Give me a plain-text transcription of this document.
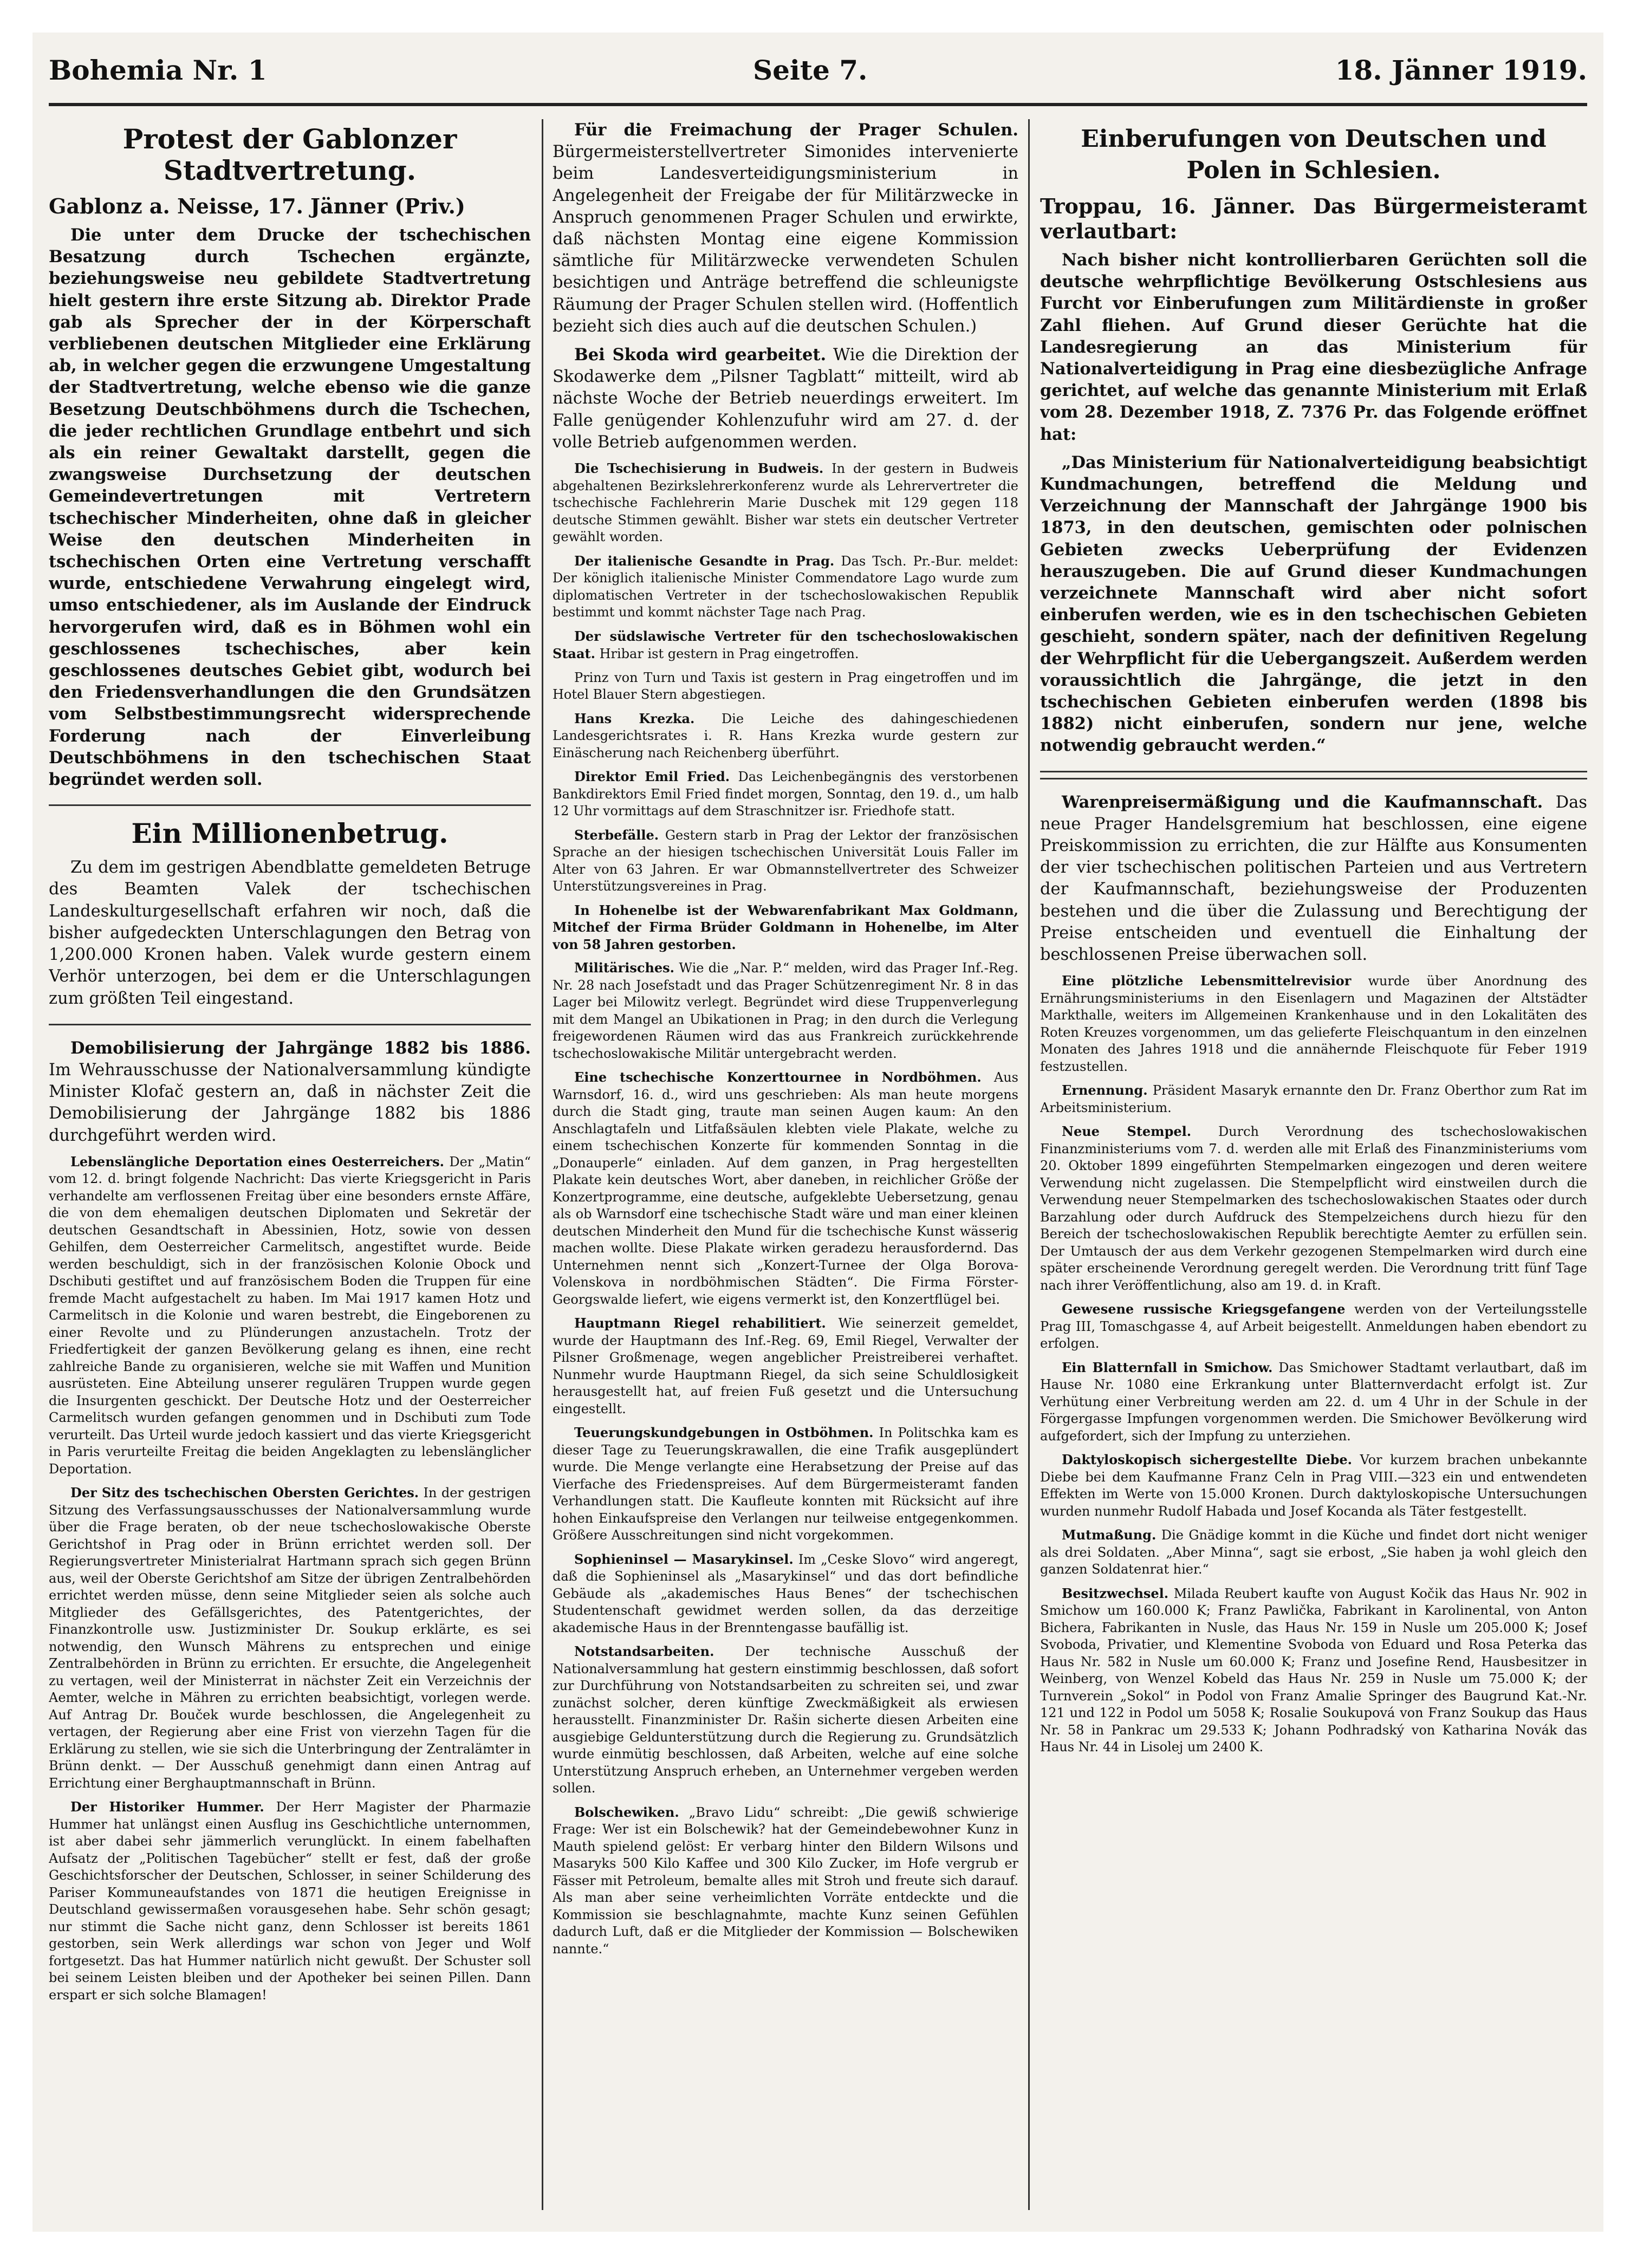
Bohemia Nr. 1	Seite 7.	18. Jänner 1919.
Protest der Gablonzer Stadtvertretung.
Gablonz a. Neisse, 17. Jänner (Priv.)

Die unter dem Drucke der tschechischen Besatzung durch Tschechen ergänzte, beziehungsweise neu gebildete Stadtvertretung hielt gestern ihre erste Sitzung ab. Direktor Prade gab als Sprecher der in der Körperschaft verbliebenen deutschen Mitglieder eine Erklärung ab, in welcher gegen die erzwungene Umgestaltung der Stadtvertretung, welche ebenso wie die ganze Besetzung Deutschböhmens durch die Tschechen, die jeder rechtlichen Grundlage entbehrt und sich als ein reiner Gewaltakt darstellt, gegen die zwangsweise Durchsetzung der deutschen Gemeindevertretungen mit Vertretern tschechischer Minderheiten, ohne daß in gleicher Weise den deutschen Minderheiten in tschechischen Orten eine Vertretung verschafft wurde, entschiedene Verwahrung eingelegt wird, umso entschiedener, als im Auslande der Eindruck hervorgerufen wird, daß es in Böhmen wohl ein geschlossenes tschechisches, aber kein geschlossenes deutsches Gebiet gibt, wodurch bei den Friedensverhandlungen die den Grundsätzen vom Selbstbestimmungsrecht widersprechende Forderung nach der Einverleibung Deutschböhmens in den tschechischen Staat begründet werden soll.

Ein Millionenbetrug.

Zu dem im gestrigen Abendblatte gemeldeten Betruge des Beamten Valek der tschechischen Landeskulturgesellschaft erfahren wir noch, daß die bisher aufgedeckten Unterschlagungen den Betrag von 1,200.000 Kronen haben. Valek wurde gestern einem Verhör unterzogen, bei dem er die Unterschlagungen zum größten Teil eingestand.

Demobilisierung der Jahrgänge 1882 bis 1886. Im Wehrausschusse der Nationalversammlung kündigte Minister Klofač gestern an, daß in nächster Zeit die Demobilisierung der Jahrgänge 1882 bis 1886 durchgeführt werden wird.

Lebenslängliche Deportation eines Oesterreichers. Der „Matin“ vom 12. d. bringt folgende Nachricht: Das vierte Kriegsgericht in Paris verhandelte am verflossenen Freitag über eine besonders ernste Affäre, die von dem ehemaligen deutschen Diplomaten und Sekretär der deutschen Gesandtschaft in Abessinien, Hotz, sowie von dessen Gehilfen, dem Oesterreicher Carmelitsch, angestiftet wurde. Beide werden beschuldigt, sich in der französischen Kolonie Obock und Dschibuti gestiftet und auf französischem Boden die Truppen für eine fremde Macht aufgestachelt zu haben. Im Mai 1917 kamen Hotz und Carmelitsch in die Kolonie und waren bestrebt, die Eingeborenen zu einer Revolte und zu Plünderungen anzustacheln. Trotz der Friedfertigkeit der ganzen Bevölkerung gelang es ihnen, eine recht zahlreiche Bande zu organisieren, welche sie mit Waffen und Munition ausrüsteten. Eine Abteilung unserer regulären Truppen wurde gegen die Insurgenten geschickt. Der Deutsche Hotz und der Oesterreicher Carmelitsch wurden gefangen genommen und in Dschibuti zum Tode verurteilt. Das Urteil wurde jedoch kassiert und das vierte Kriegsgericht in Paris verurteilte Freitag die beiden Angeklagten zu lebenslänglicher Deportation.

Der Sitz des tschechischen Obersten Gerichtes. In der gestrigen Sitzung des Verfassungsausschusses der Nationalversammlung wurde über die Frage beraten, ob der neue tschechoslowakische Oberste Gerichtshof in Prag oder in Brünn errichtet werden soll. Der Regierungsvertreter Ministerialrat Hartmann sprach sich gegen Brünn aus, weil der Oberste Gerichtshof am Sitze der übrigen Zentralbehörden errichtet werden müsse, denn seine Mitglieder seien als solche auch Mitglieder des Gefällsgerichtes, des Patentgerichtes, der Finanzkontrolle usw. Justizminister Dr. Soukup erklärte, es sei notwendig, den Wunsch Mährens zu entsprechen und einige Zentralbehörden in Brünn zu errichten. Er ersuchte, die Angelegenheit zu vertagen, weil der Ministerrat in nächster Zeit ein Verzeichnis der Aemter, welche in Mähren zu errichten beabsichtigt, vorlegen werde. Auf Antrag Dr. Bouček wurde beschlossen, die Angelegenheit zu vertagen, der Regierung aber eine Frist von vierzehn Tagen für die Erklärung zu stellen, wie sie sich die Unterbringung der Zentralämter in Brünn denkt. — Der Ausschuß genehmigt dann einen Antrag auf Errichtung einer Berghauptmannschaft in Brünn.

Der Historiker Hummer. Der Herr Magister der Pharmazie Hummer hat unlängst einen Ausflug ins Geschichtliche unternommen, ist aber dabei sehr jämmerlich verunglückt. In einem fabelhaften Aufsatz der „Politischen Tagebücher“ stellt er fest, daß der große Geschichtsforscher der Deutschen, Schlosser, in seiner Schilderung des Pariser Kommuneaufstandes von 1871 die heutigen Ereignisse in Deutschland gewissermaßen vorausgesehen habe. Sehr schön gesagt; nur stimmt die Sache nicht ganz, denn Schlosser ist bereits 1861 gestorben, sein Werk allerdings war schon von Jeger und Wolf fortgesetzt. Das hat Hummer natürlich nicht gewußt. Der Schuster soll bei seinem Leisten bleiben und der Apotheker bei seinen Pillen. Dann erspart er sich solche Blamagen!

Für die Freimachung der Prager Schulen. Bürgermeisterstellvertreter Simonides intervenierte beim Landesverteidigungsministerium in Angelegenheit der Freigabe der für Militärzwecke in Anspruch genommenen Prager Schulen und erwirkte, daß nächsten Montag eine eigene Kommission sämtliche für Militärzwecke verwendeten Schulen besichtigen und Anträge betreffend die schleunigste Räumung der Prager Schulen stellen wird. (Hoffentlich bezieht sich dies auch auf die deutschen Schulen.)

Bei Skoda wird gearbeitet. Wie die Direktion der Skodawerke dem „Pilsner Tagblatt“ mitteilt, wird ab nächste Woche der Betrieb neuerdings erweitert. Im Falle genügender Kohlenzufuhr wird am 27. d. der volle Betrieb aufgenommen werden.

Die Tschechisierung in Budweis. In der gestern in Budweis abgehaltenen Bezirkslehrerkonferenz wurde als Lehrervertreter die tschechische Fachlehrerin Marie Duschek mit 129 gegen 118 deutsche Stimmen gewählt. Bisher war stets ein deutscher Vertreter gewählt worden.

Der italienische Gesandte in Prag. Das Tsch. Pr.-Bur. meldet: Der königlich italienische Minister Commendatore Lago wurde zum diplomatischen Vertreter in der tschechoslowakischen Republik bestimmt und kommt nächster Tage nach Prag.

Der südslawische Vertreter für den tschechoslowakischen Staat. Hribar ist gestern in Prag eingetroffen.

Prinz von Turn und Taxis ist gestern in Prag eingetroffen und im Hotel Blauer Stern abgestiegen.

Hans Krezka. Die Leiche des dahingeschiedenen Landesgerichtsrates i. R. Hans Krezka wurde gestern zur Einäscherung nach Reichenberg überführt.

Direktor Emil Fried. Das Leichenbegängnis des verstorbenen Bankdirektors Emil Fried findet morgen, Sonntag, den 19. d., um halb 12 Uhr vormittags auf dem Straschnitzer isr. Friedhofe statt.

Sterbefälle. Gestern starb in Prag der Lektor der französischen Sprache an der hiesigen tschechischen Universität Louis Faller im Alter von 63 Jahren. Er war Obmannstellvertreter des Schweizer Unterstützungsvereines in Prag.

In Hohenelbe ist der Webwarenfabrikant Max Goldmann, Mitchef der Firma Brüder Goldmann in Hohenelbe, im Alter von 58 Jahren gestorben.

Militärisches. Wie die „Nar. P.“ melden, wird das Prager Inf.-Reg. Nr. 28 nach Josefstadt und das Prager Schützenregiment Nr. 8 in das Lager bei Milowitz verlegt. Begründet wird diese Truppenverlegung mit dem Mangel an Ubikationen in Prag; in den durch die Verlegung freigewordenen Räumen wird das aus Frankreich zurückkehrende tschechoslowakische Militär untergebracht werden.

Eine tschechische Konzerttournee in Nordböhmen. Aus Warnsdorf, 16. d., wird uns geschrieben: Als man heute morgens durch die Stadt ging, traute man seinen Augen kaum: An den Anschlagtafeln und Litfaßsäulen klebten viele Plakate, welche zu einem tschechischen Konzerte für kommenden Sonntag in die „Donauperle“ einladen. Auf dem ganzen, in Prag hergestellten Plakate kein deutsches Wort, aber daneben, in reichlicher Größe der Konzertprogramme, eine deutsche, aufgeklebte Uebersetzung, genau als ob Warnsdorf eine tschechische Stadt wäre und man einer kleinen deutschen Minderheit den Mund für die tschechische Kunst wässerig machen wollte. Diese Plakate wirken geradezu herausfordernd. Das Unternehmen nennt sich „Konzert-Turnee der Olga Borova-Volenskova in nordböhmischen Städten“. Die Firma Förster-Georgswalde liefert, wie eigens vermerkt ist, den Konzertflügel bei.

Hauptmann Riegel rehabilitiert. Wie seinerzeit gemeldet, wurde der Hauptmann des Inf.-Reg. 69, Emil Riegel, Verwalter der Pilsner Großmenage, wegen angeblicher Preistreiberei verhaftet. Nunmehr wurde Hauptmann Riegel, da sich seine Schuldlosigkeit herausgestellt hat, auf freien Fuß gesetzt und die Untersuchung eingestellt.

Teuerungskundgebungen in Ostböhmen. In Politschka kam es dieser Tage zu Teuerungskrawallen, die eine Trafik ausgeplündert wurde. Die Menge verlangte eine Herabsetzung der Preise auf das Vierfache des Friedenspreises. Auf dem Bürgermeisteramt fanden Verhandlungen statt. Die Kaufleute konnten mit Rücksicht auf ihre hohen Einkaufspreise den Verlangen nur teilweise entgegenkommen. Größere Ausschreitungen sind nicht vorgekommen.

Sophieninsel — Masarykinsel. Im „Ceske Slovo“ wird angeregt, daß die Sophieninsel als „Masarykinsel“ und das dort befindliche Gebäude als „akademisches Haus Benes“ der tschechischen Studentenschaft gewidmet werden sollen, da das derzeitige akademische Haus in der Brenntengasse baufällig ist.

Notstandsarbeiten. Der technische Ausschuß der Nationalversammlung hat gestern einstimmig beschlossen, daß sofort zur Durchführung von Notstandsarbeiten zu schreiten sei, und zwar zunächst solcher, deren künftige Zweckmäßigkeit als erwiesen herausstellt. Finanzminister Dr. Rašin sicherte diesen Arbeiten eine ausgiebige Geldunterstützung durch die Regierung zu. Grundsätzlich wurde einmütig beschlossen, daß Arbeiten, welche auf eine solche Unterstützung Anspruch erheben, an Unternehmer vergeben werden sollen.

Bolschewiken. „Bravo Lidu“ schreibt: „Die gewiß schwierige Frage: Wer ist ein Bolschewik? hat der Gemeindebewohner Kunz in Mauth spielend gelöst: Er verbarg hinter den Bildern Wilsons und Masaryks 500 Kilo Kaffee und 300 Kilo Zucker, im Hofe vergrub er Fässer mit Petroleum, bemalte alles mit Stroh und freute sich darauf. Als man aber seine verheimlichten Vorräte entdeckte und die Kommission sie beschlagnahmte, machte Kunz seinen Gefühlen dadurch Luft, daß er die Mitglieder der Kommission — Bolschewiken nannte.“

Einberufungen von Deutschen und Polen in Schlesien.
Troppau, 16. Jänner. Das Bürgermeisteramt verlautbart:

Nach bisher nicht kontrollierbaren Gerüchten soll die deutsche wehrpflichtige Bevölkerung Ostschlesiens aus Furcht vor Einberufungen zum Militärdienste in großer Zahl fliehen. Auf Grund dieser Gerüchte hat die Landesregierung an das Ministerium für Nationalverteidigung in Prag eine diesbezügliche Anfrage gerichtet, auf welche das genannte Ministerium mit Erlaß vom 28. Dezember 1918, Z. 7376 Pr. das Folgende eröffnet hat:

„Das Ministerium für Nationalverteidigung beabsichtigt Kundmachungen, betreffend die Meldung und Verzeichnung der Mannschaft der Jahrgänge 1900 bis 1873, in den deutschen, gemischten oder polnischen Gebieten zwecks Ueberprüfung der Evidenzen herauszugeben. Die auf Grund dieser Kundmachungen verzeichnete Mannschaft wird aber nicht sofort einberufen werden, wie es in den tschechischen Gebieten geschieht, sondern später, nach der definitiven Regelung der Wehrpflicht für die Uebergangszeit. Außerdem werden voraussichtlich die Jahrgänge, die jetzt in den tschechischen Gebieten einberufen werden (1898 bis 1882) nicht einberufen, sondern nur jene, welche notwendig gebraucht werden.“

Warenpreisermäßigung und die Kaufmannschaft. Das neue Prager Handelsgremium hat beschlossen, eine eigene Preiskommission zu errichten, die zur Hälfte aus Konsumenten der vier tschechischen politischen Parteien und aus Vertretern der Kaufmannschaft, beziehungsweise der Produzenten bestehen und die über die Zulassung und Berechtigung der Preise entscheiden und eventuell die Einhaltung der beschlossenen Preise überwachen soll.

Eine plötzliche Lebensmittelrevisior wurde über Anordnung des Ernährungsministeriums in den Eisenlagern und Magazinen der Altstädter Markthalle, weiters im Allgemeinen Krankenhause und in den Lokalitäten des Roten Kreuzes vorgenommen, um das gelieferte Fleischquantum in den einzelnen Monaten des Jahres 1918 und die annähernde Fleischquote für Feber 1919 festzustellen.

Ernennung. Präsident Masaryk ernannte den Dr. Franz Oberthor zum Rat im Arbeitsministerium.

Neue Stempel. Durch Verordnung des tschechoslowakischen Finanzministeriums vom 7. d. werden alle mit Erlaß des Finanzministeriums vom 20. Oktober 1899 eingeführten Stempelmarken eingezogen und deren weitere Verwendung nicht zugelassen. Die Stempelpflicht wird einstweilen durch die Verwendung neuer Stempelmarken des tschechoslowakischen Staates oder durch Barzahlung oder durch Aufdruck des Stempelzeichens durch hiezu für den Bereich der tschechoslowakischen Republik berechtigte Aemter zu erfüllen sein. Der Umtausch der aus dem Verkehr gezogenen Stempelmarken wird durch eine später erscheinende Verordnung geregelt werden. Die Verordnung tritt fünf Tage nach ihrer Veröffentlichung, also am 19. d. in Kraft.

Gewesene russische Kriegsgefangene werden von der Verteilungsstelle Prag III, Tomaschgasse 4, auf Arbeit beigestellt. Anmeldungen haben ebendort zu erfolgen.

Ein Blatternfall in Smichow. Das Smichower Stadtamt verlautbart, daß im Hause Nr. 1080 eine Erkrankung unter Blatternverdacht erfolgt ist. Zur Verhütung einer Verbreitung werden am 22. d. um 4 Uhr in der Schule in der Förgergasse Impfungen vorgenommen werden. Die Smichower Bevölkerung wird aufgefordert, sich der Impfung zu unterziehen.

Daktyloskopisch sichergestellte Diebe. Vor kurzem brachen unbekannte Diebe bei dem Kaufmanne Franz Celn in Prag VIII.—323 ein und entwendeten Effekten im Werte von 15.000 Kronen. Durch daktyloskopische Untersuchungen wurden nunmehr Rudolf Habada und Josef Kocanda als Täter festgestellt.

Mutmaßung. Die Gnädige kommt in die Küche und findet dort nicht weniger als drei Soldaten. „Aber Minna“, sagt sie erbost, „Sie haben ja wohl gleich den ganzen Soldatenrat hier.“

Besitzwechsel. Milada Reubert kaufte von August Kočik das Haus Nr. 902 in Smichow um 160.000 K; Franz Pawlička, Fabrikant in Karolinental, von Anton Bichera, Fabrikanten in Nusle, das Haus Nr. 159 in Nusle um 205.000 K; Josef Svoboda, Privatier, und Klementine Svoboda von Eduard und Rosa Peterka das Haus Nr. 582 in Nusle um 60.000 K; Franz und Josefine Rend, Hausbesitzer in Weinberg, von Wenzel Kobeld das Haus Nr. 259 in Nusle um 75.000 K; der Turnverein „Sokol“ in Podol von Franz Amalie Springer des Baugrund Kat.-Nr. 121 und 122 in Podol um 5058 K; Rosalie Soukupová von Franz Soukup das Haus Nr. 58 in Pankrac um 29.533 K; Johann Podhradský von Katharina Novák das Haus Nr. 44 in Lisolej um 2400 K.
